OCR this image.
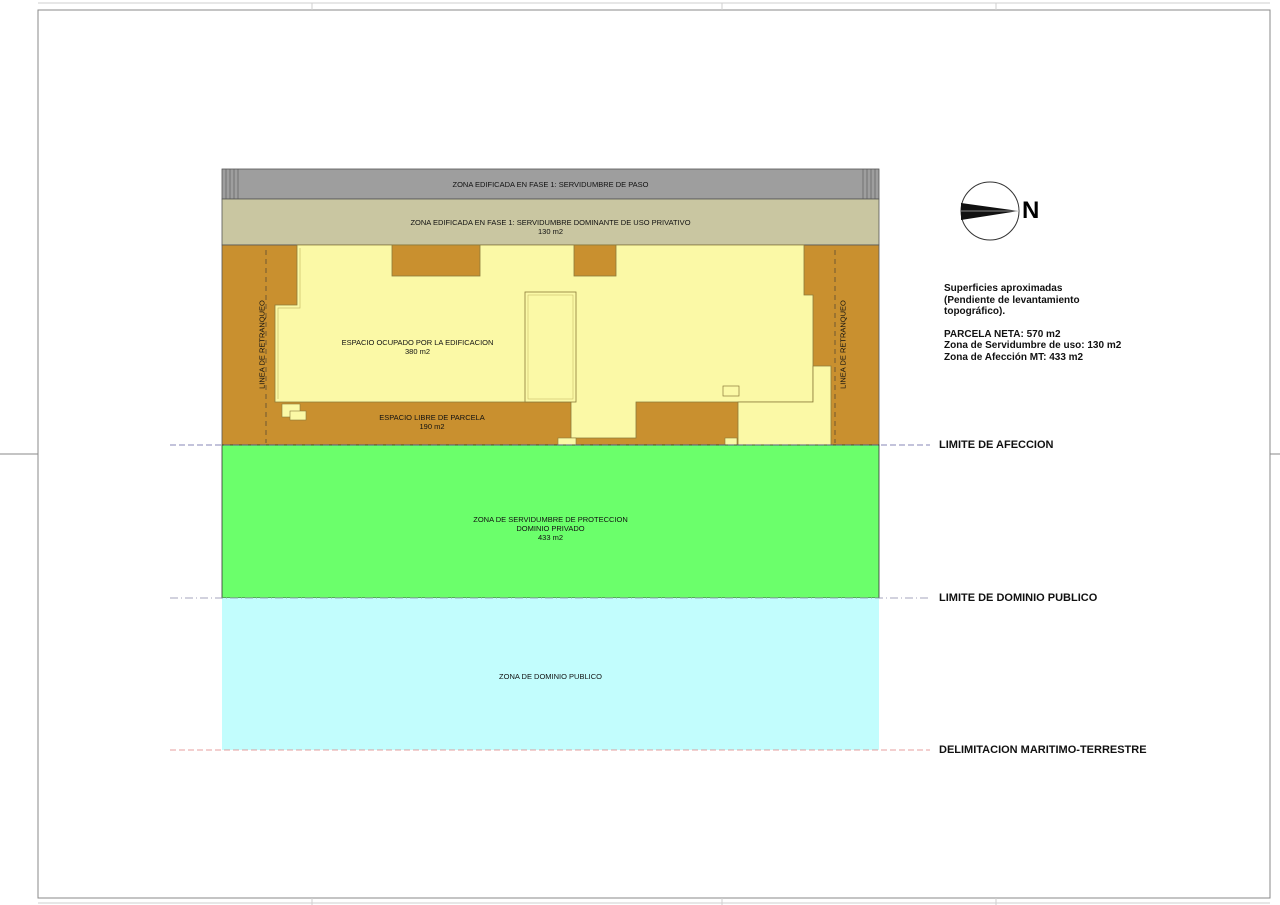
ZONA EDIFICADA EN FASE 1: SERVIDUMBRE DE PASO
ZONA EDIFICADA EN FASE 1: SERVIDUMBRE DOMINANTE DE USO PRIVATIVO
130 m2
ESPACIO OCUPADO POR LA EDIFICACION
380 m2
ESPACIO LIBRE DE PARCELA
190 m2
ZONA DE SERVIDUMBRE DE PROTECCION
DOMINIO PRIVADO
433 m2
ZONA DE DOMINIO PUBLICO
LINEA DE RETRANQUEO	LINEA DE RETRANQUEO
N
Superficies aproximadas
(Pendiente de levantamiento
topográfico).
PARCELA NETA: 570 m2
Zona de Servidumbre de uso: 130 m2
Zona de Afección MT: 433 m2
LIMITE DE AFECCION
LIMITE DE DOMINIO PUBLICO
DELIMITACION MARITIMO-TERRESTRE
